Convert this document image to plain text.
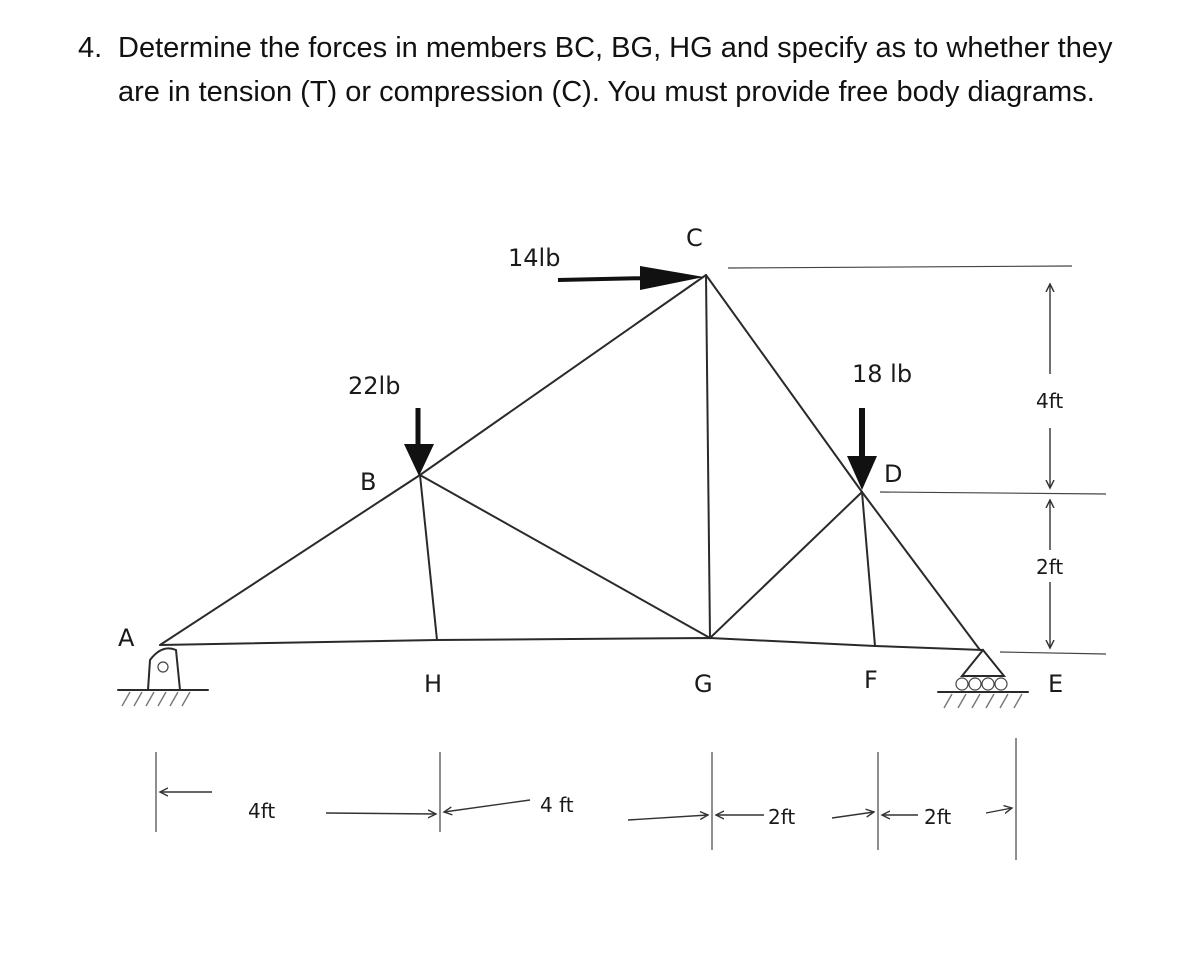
4. Determine the forces in members BC, BG, HG and specify as to whether they are in tension (T) or compression (C). You must provide free body diagrams.
A
B
C
D
E
F
G
H
14lb
22lb	18 lb
4ft	4 ft	2ft	2ft
4ft
2ft
